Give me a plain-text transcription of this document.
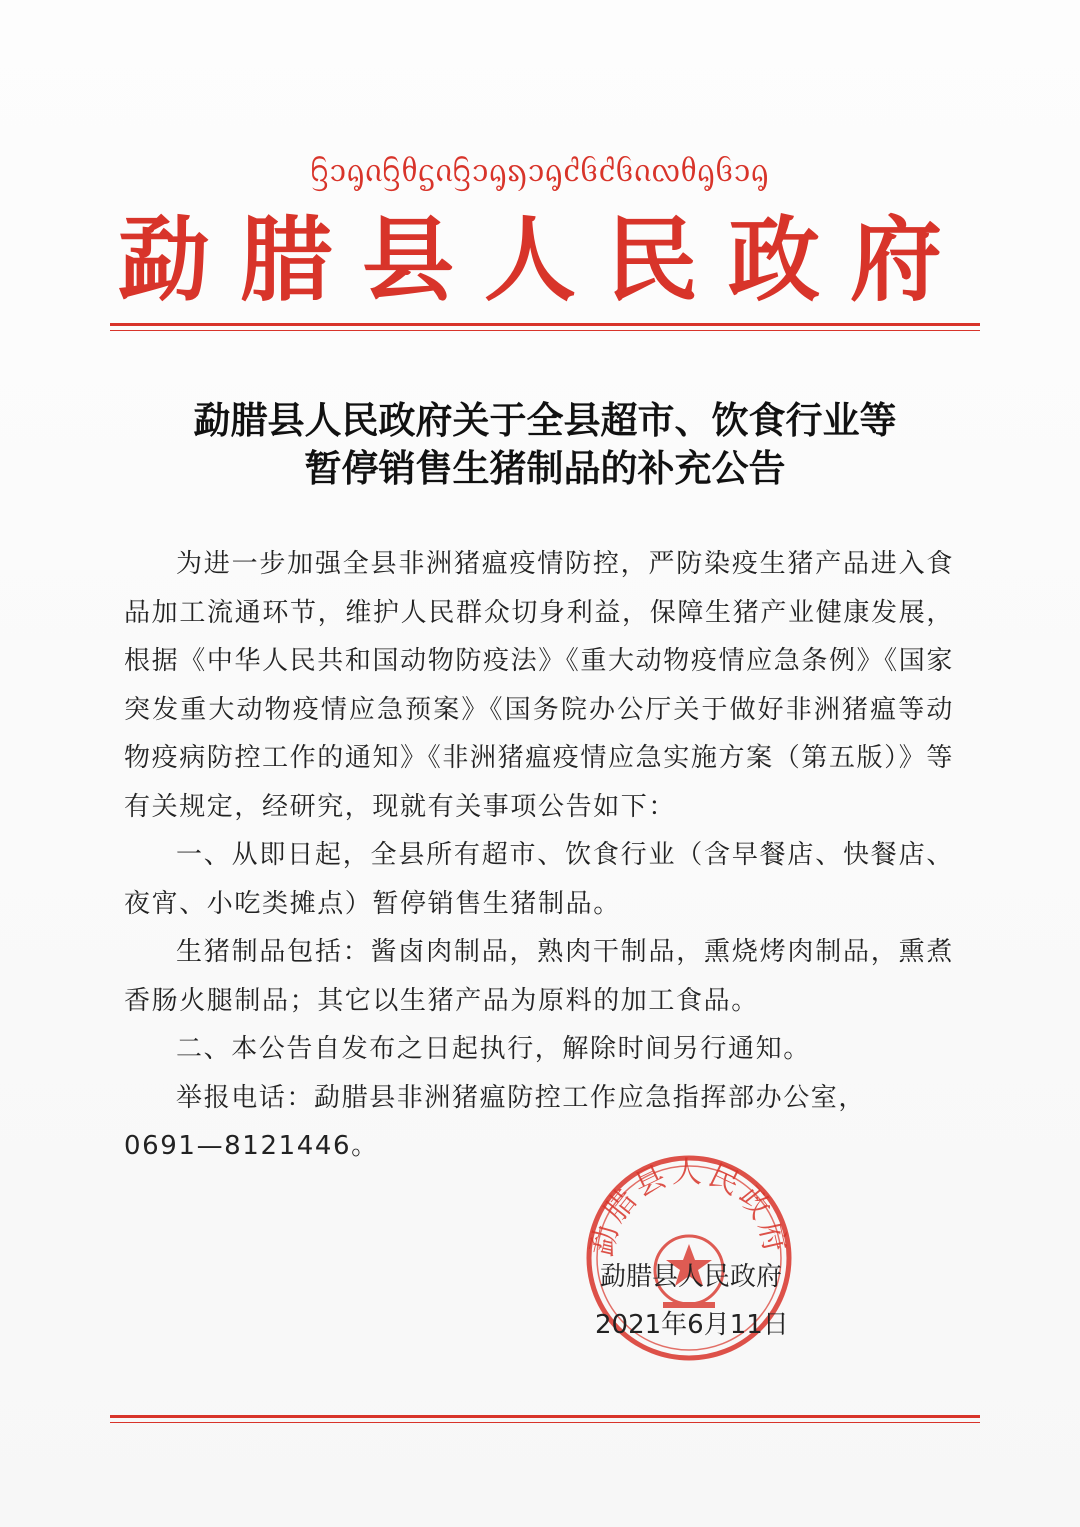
ᦌᦱᧂᦵᦌᦲᧃᦵᦌᦱᧂᦣᦱᧂᦺᦑᦺᦑᦵᦟᦲᧂᦑᦱᧂ
勐腊县人民政府
勐腊县人民政府关于全县超市、饮食行业等
暂停销售生猪制品的补充公告

为进一步加强全县非洲猪瘟疫情防控，严防染疫生猪产品进入食品加工流通环节，维护人民群众切身利益，保障生猪产业健康发展，根据《中华人民共和国动物防疫法》《重大动物疫情应急条例》《国家突发重大动物疫情应急预案》《国务院办公厅关于做好非洲猪瘟等动物疫病防控工作的通知》《非洲猪瘟疫情应急实施方案（第五版）》等有关规定，经研究，现就有关事项公告如下：

一、从即日起，全县所有超市、饮食行业（含早餐店、快餐店、夜宵、小吃类摊点）暂停销售生猪制品。

生猪制品包括：酱卤肉制品，熟肉干制品，熏烧烤肉制品，熏煮香肠火腿制品；其它以生猪产品为原料的加工食品。

二、本公告自发布之日起执行，解除时间另行通知。

举报电话：勐腊县非洲猪瘟防控工作应急指挥部办公室，

0691—8121446。

勐腊县人民政府
勐腊县人民政府
2021年6月11日
